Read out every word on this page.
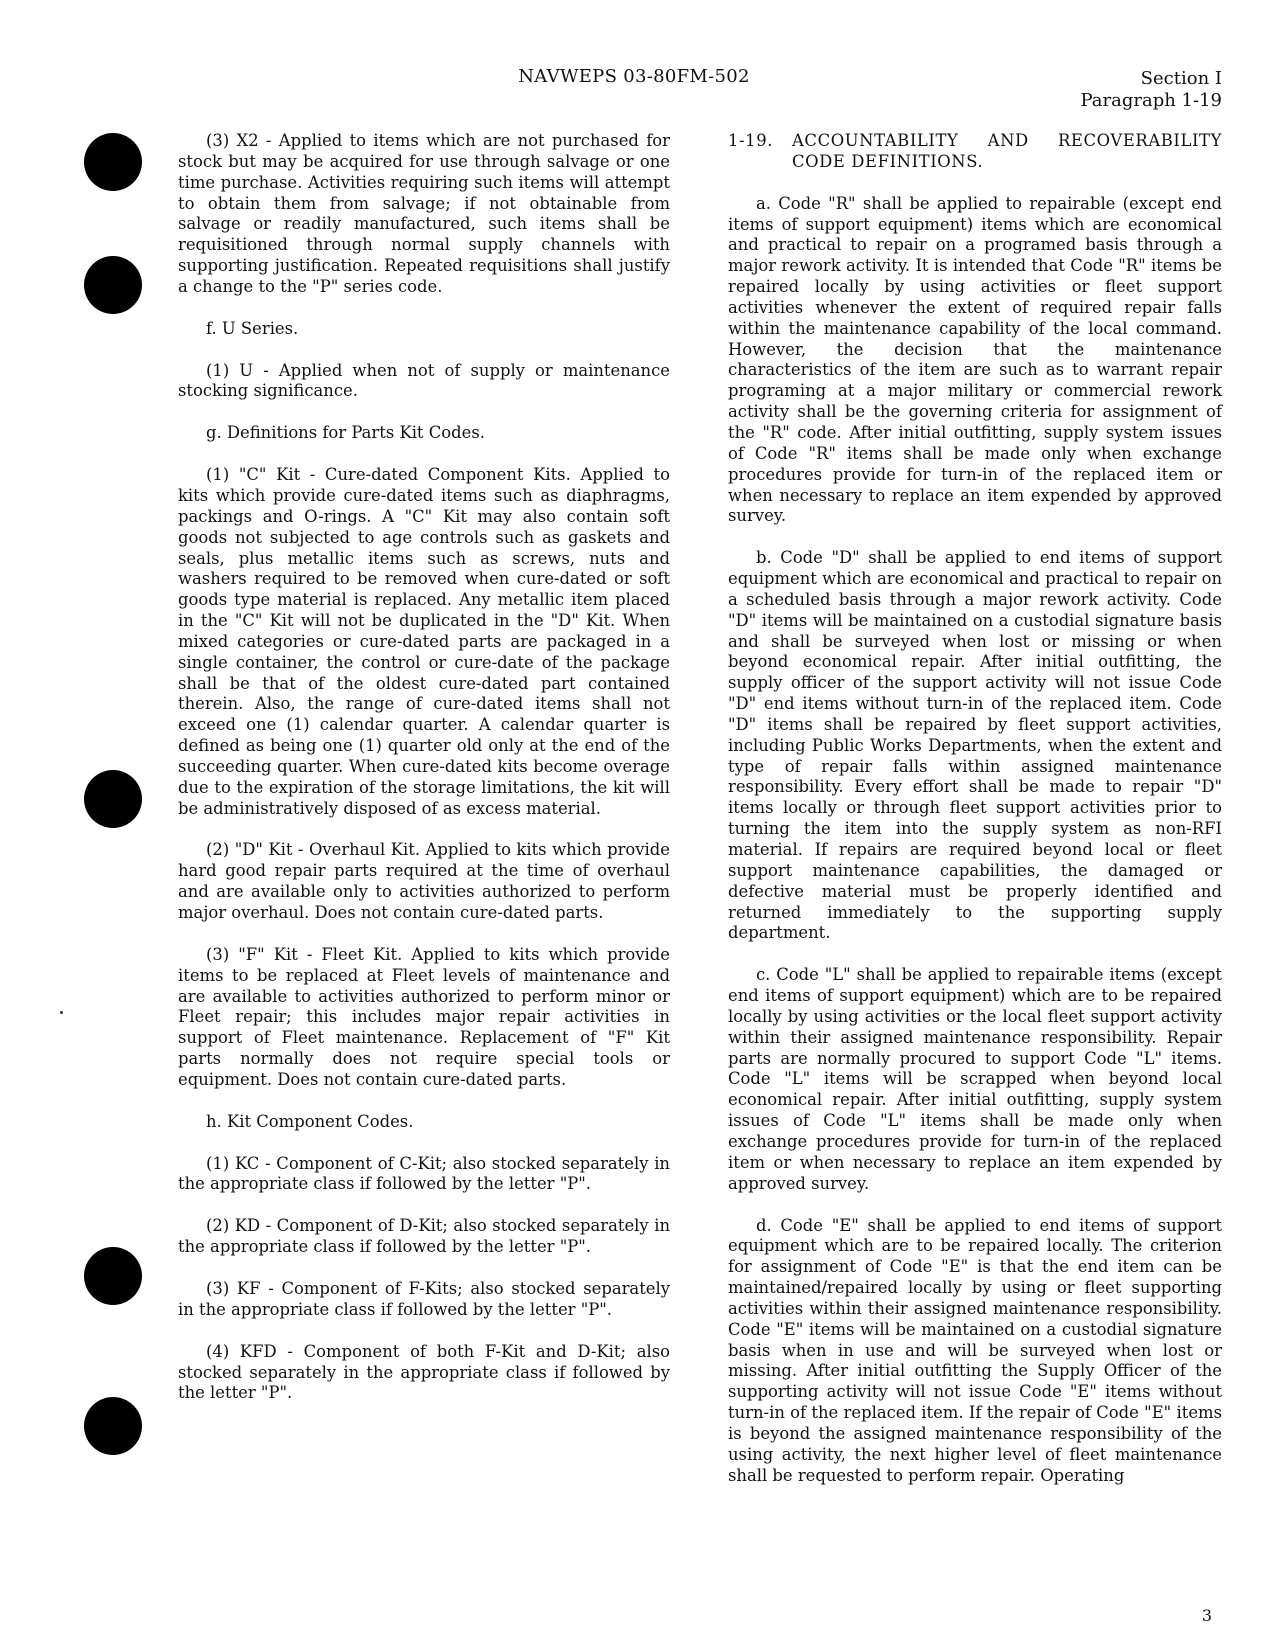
NAVWEPS 03-80FM-502	Section I
Paragraph 1-19

(3) X2 - Applied to items which are not purchased for stock but may be acquired for use through salvage or one time purchase. Activities requiring such items will attempt to obtain them from salvage; if not obtainable from salvage or readily manufactured, such items shall be requisitioned through normal supply channels with supporting justification. Repeated requisitions shall justify a change to the "P" series code.

f. U Series.

(1) U - Applied when not of supply or maintenance stocking significance.

g. Definitions for Parts Kit Codes.

(1) "C" Kit - Cure-dated Component Kits. Applied to kits which provide cure-dated items such as diaphragms, packings and O-rings. A "C" Kit may also contain soft goods not subjected to age controls such as gaskets and seals, plus metallic items such as screws, nuts and washers required to be removed when cure-dated or soft goods type material is replaced. Any metallic item placed in the "C" Kit will not be duplicated in the "D" Kit. When mixed categories or cure-dated parts are packaged in a single container, the control or cure-date of the package shall be that of the oldest cure-dated part contained therein. Also, the range of cure-dated items shall not exceed one (1) calendar quarter. A calendar quarter is defined as being one (1) quarter old only at the end of the succeeding quarter. When cure-dated kits become overage due to the expiration of the storage limitations, the kit will be administratively disposed of as excess material.

(2) "D" Kit - Overhaul Kit. Applied to kits which provide hard good repair parts required at the time of overhaul and are available only to activities authorized to perform major overhaul. Does not contain cure-dated parts.

(3) "F" Kit - Fleet Kit. Applied to kits which provide items to be replaced at Fleet levels of maintenance and are available to activities authorized to perform minor or Fleet repair; this includes major repair activities in support of Fleet maintenance. Replacement of "F" Kit parts normally does not require special tools or equipment. Does not contain cure-dated parts.

h. Kit Component Codes.

(1) KC - Component of C-Kit; also stocked separately in the appropriate class if followed by the letter "P".

(2) KD - Component of D-Kit; also stocked separately in the appropriate class if followed by the letter "P".

(3) KF - Component of F-Kits; also stocked separately in the appropriate class if followed by the letter "P".

(4) KFD - Component of both F-Kit and D-Kit; also stocked separately in the appropriate class if followed by the letter "P".

1-19.	ACCOUNTABILITY AND RECOVERABILITY CODE DEFINITIONS.

a. Code "R" shall be applied to repairable (except end items of support equipment) items which are economical and practical to repair on a programed basis through a major rework activity. It is intended that Code "R" items be repaired locally by using activities or fleet support activities whenever the extent of required repair falls within the maintenance capability of the local command. However, the decision that the maintenance characteristics of the item are such as to warrant repair programing at a major military or commercial rework activity shall be the governing criteria for assignment of the "R" code. After initial outfitting, supply system issues of Code "R" items shall be made only when exchange procedures provide for turn-in of the replaced item or when necessary to replace an item expended by approved survey.

b. Code "D" shall be applied to end items of support equipment which are economical and practical to repair on a scheduled basis through a major rework activity. Code "D" items will be maintained on a custodial signature basis and shall be surveyed when lost or missing or when beyond economical repair. After initial outfitting, the supply officer of the support activity will not issue Code "D" end items without turn-in of the replaced item. Code "D" items shall be repaired by fleet support activities, including Public Works Departments, when the extent and type of repair falls within assigned maintenance responsibility. Every effort shall be made to repair "D" items locally or through fleet support activities prior to turning the item into the supply system as non-RFI material. If repairs are required beyond local or fleet support maintenance capabilities, the damaged or defective material must be properly identified and returned immediately to the supporting supply department.

c. Code "L" shall be applied to repairable items (except end items of support equipment) which are to be repaired locally by using activities or the local fleet support activity within their assigned maintenance responsibility. Repair parts are normally procured to support Code "L" items. Code "L" items will be scrapped when beyond local economical repair. After initial outfitting, supply system issues of Code "L" items shall be made only when exchange procedures provide for turn-in of the replaced item or when necessary to replace an item expended by approved survey.

d. Code "E" shall be applied to end items of support equipment which are to be repaired locally. The criterion for assignment of Code "E" is that the end item can be maintained/repaired locally by using or fleet supporting activities within their assigned maintenance responsibility. Code "E" items will be maintained on a custodial signature basis when in use and will be surveyed when lost or missing. After initial outfitting the Supply Officer of the supporting activity will not issue Code "E" items without turn-in of the replaced item. If the repair of Code "E" items is beyond the assigned maintenance responsibility of the using activity, the next higher level of fleet maintenance shall be requested to perform repair. Operating

3
